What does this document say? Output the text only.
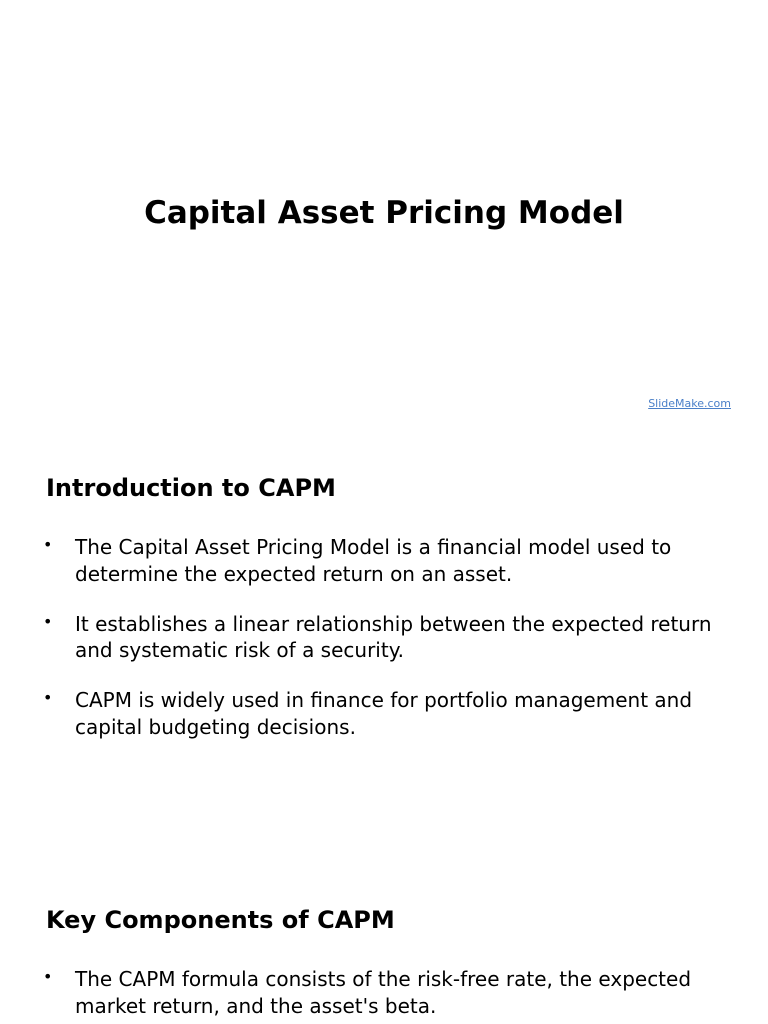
Capital Asset Pricing Model
SlideMake.com
Introduction to CAPM
• The Capital Asset Pricing Model is a financial model used to determine the expected return on an asset.
• It establishes a linear relationship between the expected return and systematic risk of a security.
• CAPM is widely used in finance for portfolio management and capital budgeting decisions.
Key Components of CAPM
• The CAPM formula consists of the risk-free rate, the expected market return, and the asset's beta.
